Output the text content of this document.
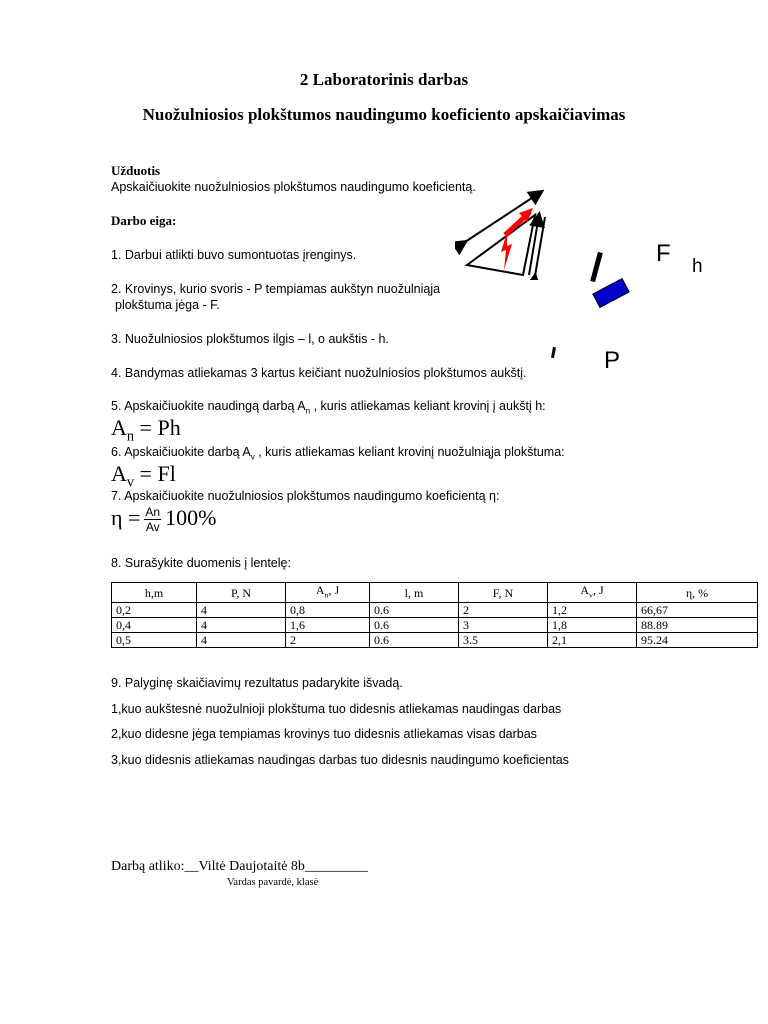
2 Laboratorinis darbas
Nuožulniosios plokštumos naudingumo koeficiento apskaičiavimas
Užduotis
Apskaičiuokite nuožulniosios plokštumos naudingumo koeficientą.
Darbo eiga:
1. Darbui atlikti buvo sumontuotas įrenginys.
2. Krovinys, kurio svoris - P tempiamas aukštyn nuožulniąja
plokštuma jėga - F.
3. Nuožulniosios plokštumos ilgis – l, o aukštis - h.
4. Bandymas atliekamas 3 kartus keičiant nuožulniosios plokštumos aukštį.
5. Apskaičiuokite naudingą darbą $A_n$ , kuris atliekamas keliant krovinį į aukštį h:
$A_n = Ph$
6. Apskaičiuokite darbą $A_v$ , kuris atliekamas keliant krovinį nuožulniąja plokštuma:
$A_v = Fl$
7. Apskaičiuokite nuožulniosios plokštumos naudingumo koeficientą η:
$\eta = \frac{An}{Av} 100\%$
8. Surašykite duomenis į lentelę:
h,m	P, N	$A_n$, J	l, m	F, N	$A_v$, J	η, %
0,2	4	0,8	0.6	2	1,2	66,67
0,4	4	1,6	0.6	3	1,8	88.89
0,5	4	2	0.6	3.5	2,1	95.24
9. Palyginę skaičiavimų rezultatus padarykite išvadą.
1,kuo aukštesnė nuožulnioji plokštuma tuo didesnis atliekamas naudingas darbas
2,kuo didesne jėga tempiamas krovinys tuo didesnis atliekamas visas darbas
3,kuo didesnis atliekamas naudingas darbas tuo didesnis naudingumo koeficientas
Darbą atliko:__Viltė Daujotaitė 8b_________
Vardas pavardė, klasė
F h
P
